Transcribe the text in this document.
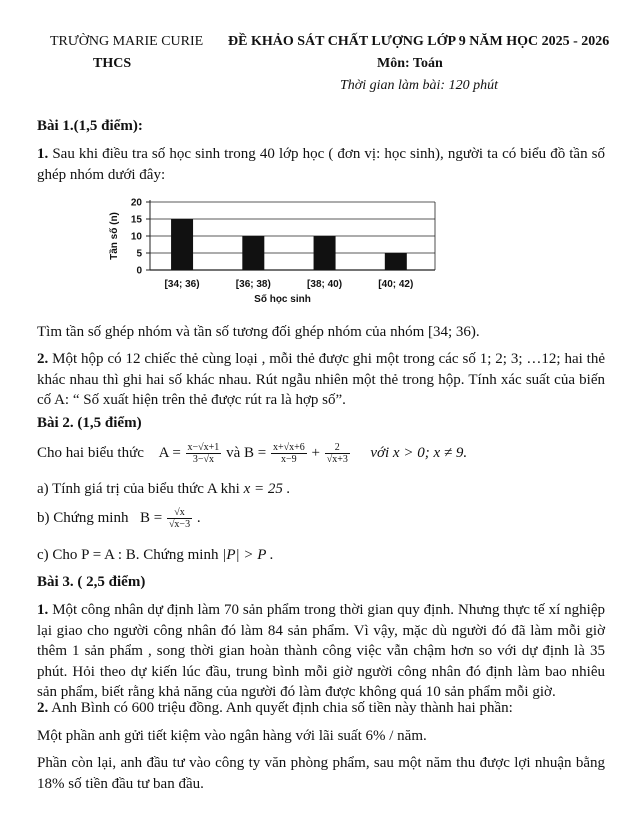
TRƯỜNG MARIE CURIE
THCS
ĐỀ KHẢO SÁT CHẤT LƯỢNG LỚP 9 NĂM HỌC 2025 - 2026
Môn: Toán
Thời gian làm bài: 120 phút
Bài 1.(1,5 điểm):
1. Sau khi điều tra số học sinh trong 40 lớp học ( đơn vị: học sinh), người ta có biểu đồ tần số ghép nhóm dưới đây:
0
5
10
15
20
Tần số (n)
[34; 36)	[36; 38)	[38; 40)	[40; 42)
Số học sinh
Tìm tần số ghép nhóm và tần số tương đối ghép nhóm của nhóm [34; 36).
2. Một hộp có 12 chiếc thẻ cùng loại , mỗi thẻ được ghi một trong các số 1; 2; 3; …12; hai thẻ khác nhau thì ghi hai số khác nhau. Rút ngẫu nhiên một thẻ trong hộp. Tính xác suất của biến cố A: “ Số xuất hiện trên thẻ được rút ra là hợp số”.
Bài 2. (1,5 điểm)
Cho hai biểu thức $A = \frac{x-√x+1}{3-√x}$ và $B = \frac{x+√x+6}{x-9} + \frac{2}{√x+3}$ với x > 0; x ≠ 9.
a) Tính giá trị của biểu thức A khi x = 25 .
b) Chứng minh $B = \frac{√x}{√x-3}$ .
c) Cho P = A : B. Chứng minh |P| > P .
Bài 3. ( 2,5 điểm)
1. Một công nhân dự định làm 70 sản phẩm trong thời gian quy định. Nhưng thực tế xí nghiệp lại giao cho người công nhân đó làm 84 sản phẩm. Vì vậy, mặc dù người đó đã làm mỗi giờ thêm 1 sản phẩm , song thời gian hoàn thành công việc vẫn chậm hơn so với dự định là 35 phút. Hỏi theo dự kiến lúc đầu, trung bình mỗi giờ người công nhân đó định làm bao nhiêu sản phẩm, biết rằng khả năng của người đó làm được không quá 10 sản phẩm mỗi giờ.
2. Anh Bình có 600 triệu đồng. Anh quyết định chia số tiền này thành hai phần:
Một phần anh gửi tiết kiệm vào ngân hàng với lãi suất 6% / năm.
Phần còn lại, anh đầu tư vào công ty văn phòng phẩm, sau một năm thu được lợi nhuận bằng 18% số tiền đầu tư ban đầu.
